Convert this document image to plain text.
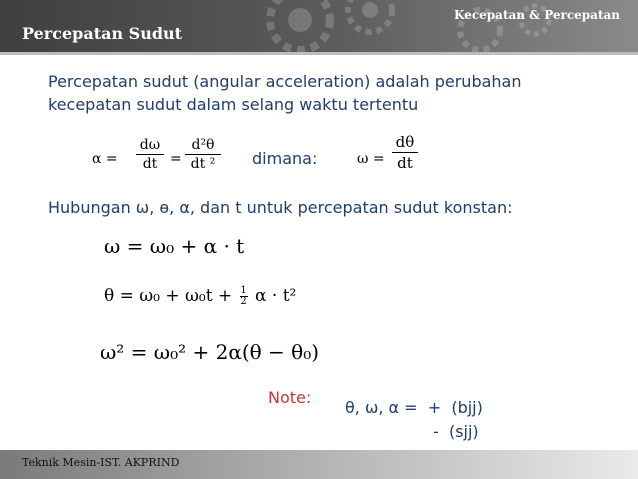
Kecepatan & Percepatan
Percepatan Sudut
Percepatan sudut (angular acceleration) adalah perubahan kecepatan sudut dalam selang waktu tertentu
α =
dω
dt =
d²θ
dt ²	dimana:	ω =
dθ
dt
Hubungan ω, ɵ, α, dan t untuk percepatan sudut konstan:
ω = ω₀ + α · t
$\theta = \omega_0 + \omega_0t + \frac{1}{2}$ α · t²
ω² = ω₀² + 2α(θ − θ₀)
Note:
θ, ω, α =  +  (bjj)
-  (sjj)
Teknik Mesin-IST. AKPRIND
